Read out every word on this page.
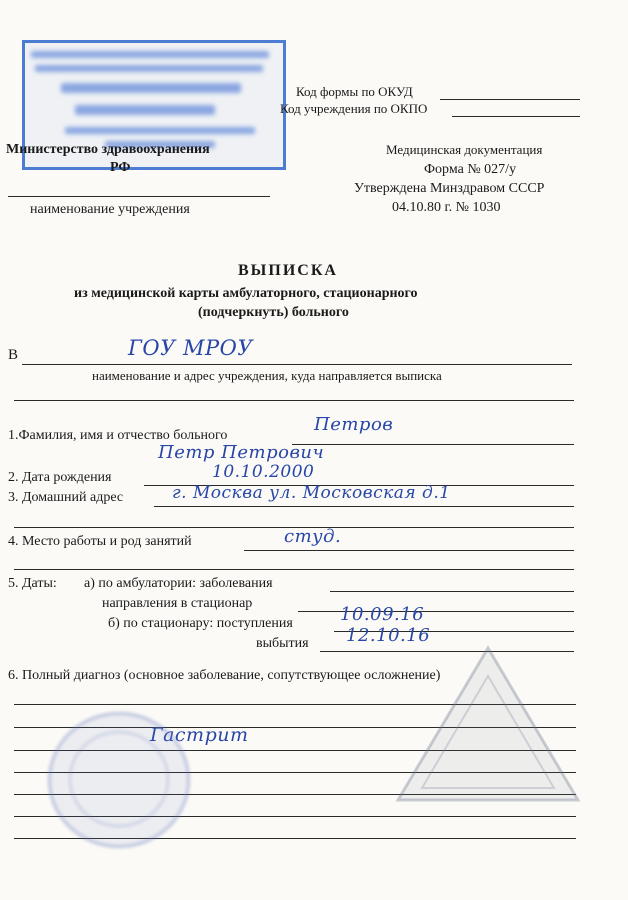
Министерство здравоохранения
РФ
наименование учреждения
Код формы по ОКУД
Код учреждения по ОКПО
Медицинская документация
Форма № 027/у
Утверждена Минздравом СССР
04.10.80 г. № 1030
ВЫПИСКА
из медицинской карты амбулаторного, стационарного
(подчеркнуть) больного
В	ГОУ МРОУ
наименование и адрес учреждения, куда направляется выписка
1.Фамилия, имя и отчество больного
Петров
Петр Петрович
2. Дата рождения	10.10.2000
3. Домашний адрес	г. Москва ул. Московская д.1
4. Место работы и род занятий	студ.
5. Даты: а) по амбулатории: заболевания
направления в стационар
б) по стационару: поступления	10.09.16
выбытия 12.10.16
6. Полный диагноз (основное заболевание, сопутствующее осложнение)
Гастрит
